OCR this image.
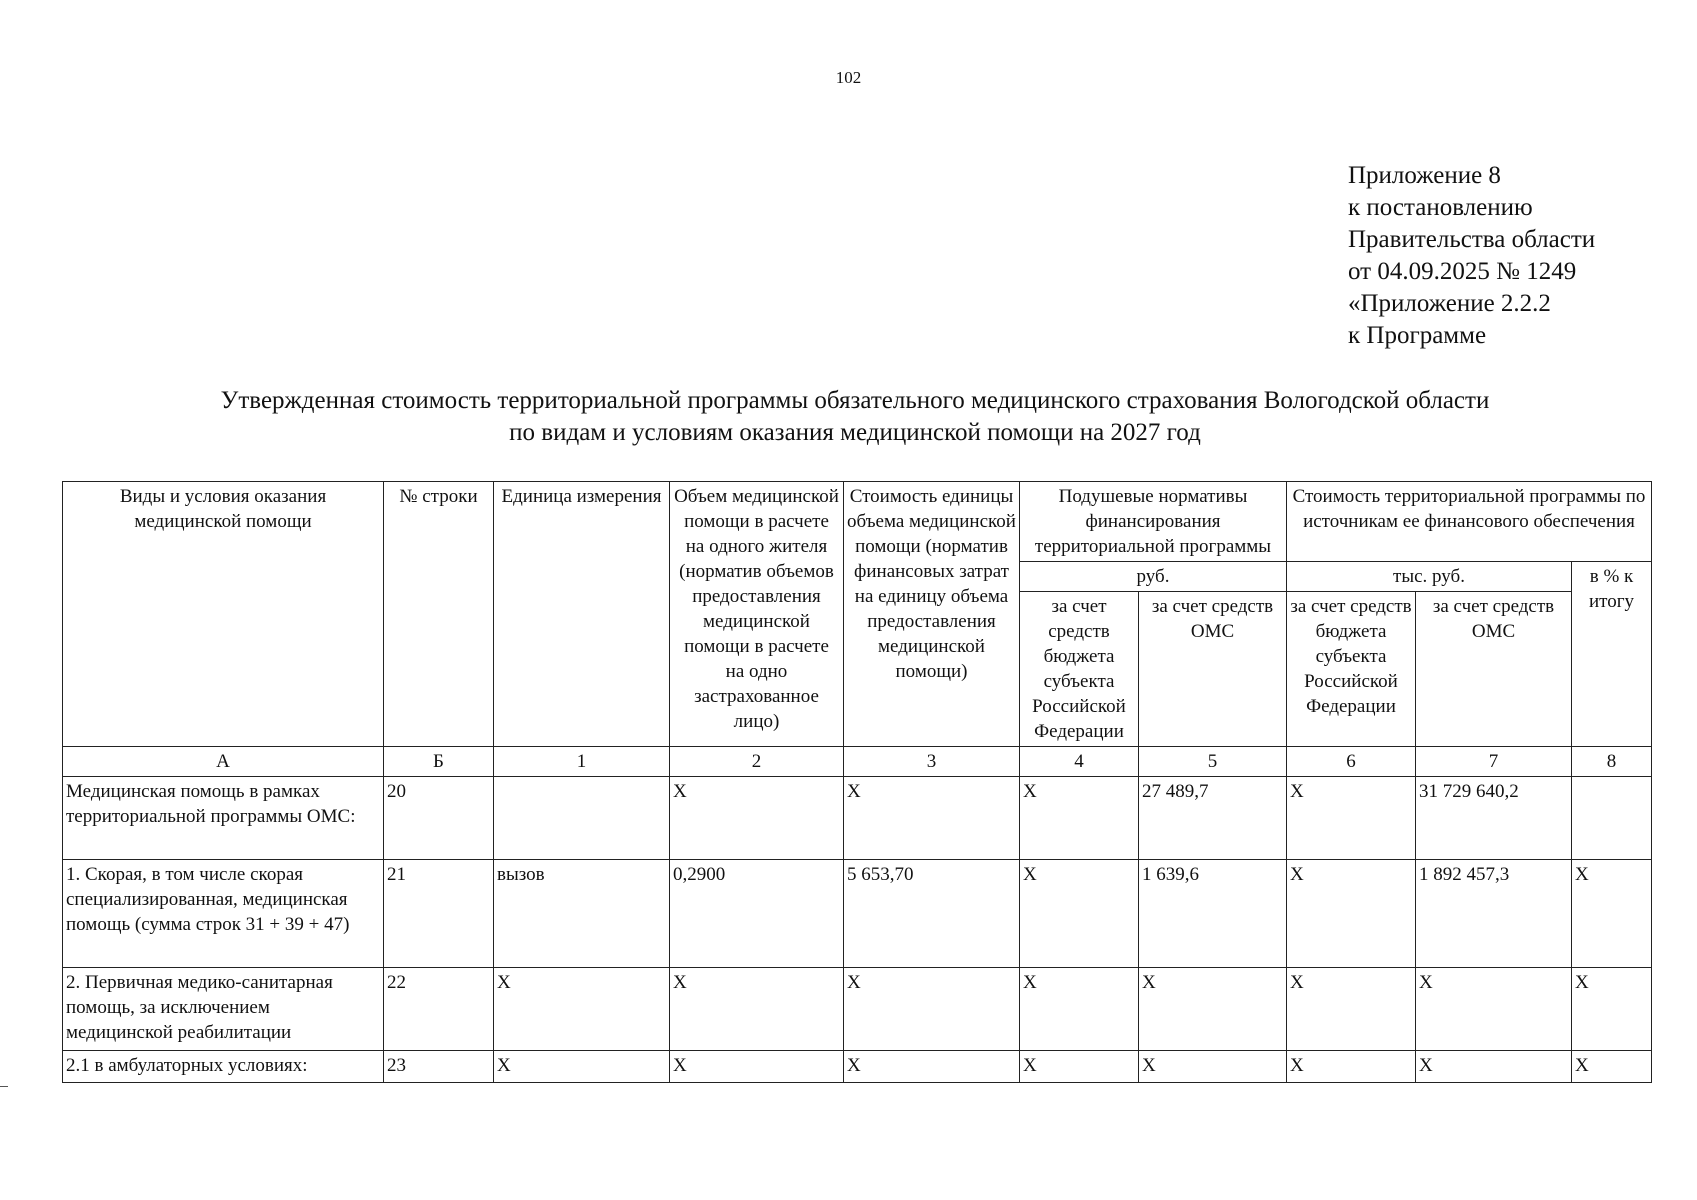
102
Приложение 8
к постановлению
Правительства области
от 04.09.2025 № 1249
«Приложение 2.2.2
к Программе
Утвержденная стоимость территориальной программы обязательного медицинского страхования Вологодской области
по видам и условиям оказания медицинской помощи на 2027 год
Виды и условия оказания медицинской помощи	№ строки	Единица измерения	Объем медицинской помощи в расчете на одного жителя (норматив объемов предоставления медицинской помощи в расчете на одно застрахованное лицо)	Стоимость единицы объема медицинской помощи (норматив финансовых затрат на единицу объема предоставления медицинской помощи)	Подушевые нормативы финансирования территориальной программы		Стоимость территориальной программы по источникам ее финансового обеспечения		
					руб.		тыс. руб.		в % к итогу
					за счет средств бюджета субъекта Российской Федерации	за счет средств ОМС	за счет средств бюджета субъекта Российской Федерации	за счет средств ОМС	
А	Б	1	2	3	4	5	6	7	8
Медицинская помощь в рамках территориальной программы ОМС:	20		X	X	X	27 489,7	X	31 729 640,2	
1. Скорая, в том числе скорая специализированная, медицинская помощь (сумма строк 31 + 39 + 47)	21	вызов	0,2900	5 653,70	X	1 639,6	X	1 892 457,3	X
2. Первичная медико-санитарная помощь, за исключением медицинской реабилитации	22	X	X	X	X	X	X	X	X
2.1 в амбулаторных условиях:	23	X	X	X	X	X	X	X	X
